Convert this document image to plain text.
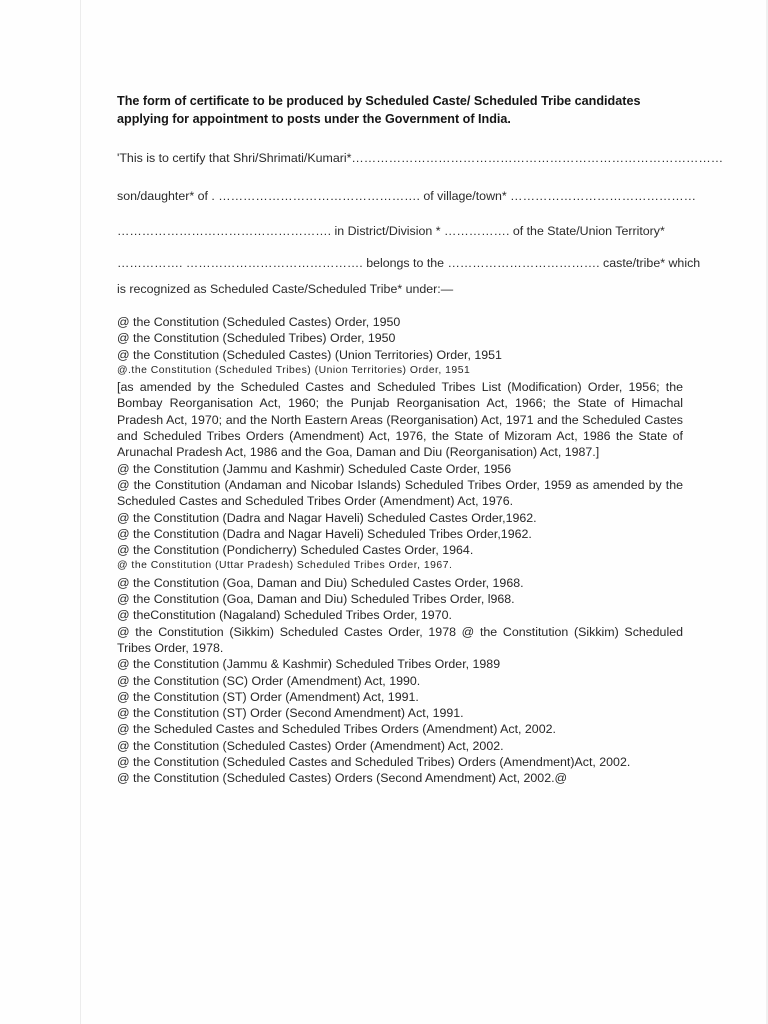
The form of certificate to be produced by Scheduled Caste/ Scheduled Tribe candidates applying for appointment to posts under the Government of India.
'This is to certify that Shri/Shrimati/Kumari*………………………………………………………………………………
son/daughter* of . …………………………………………. of village/town* ………………………………………
……………………………………………. in District/Division * ……………. of the State/Union Territory*
……………. ……………………………………. belongs to the ………………………………. caste/tribe* which
is recognized as Scheduled Caste/Scheduled Tribe* under:—
@ the Constitution (Scheduled Castes) Order, 1950
@ the Constitution (Scheduled Tribes) Order, 1950
@ the Constitution (Scheduled Castes) (Union Territories) Order, 1951
@.the Constitution (Scheduled Tribes) (Union Territories) Order, 1951
[as amended by the Scheduled Castes and Scheduled Tribes List (Modification) Order, 1956; the Bombay Reorganisation Act, 1960; the Punjab Reorganisation Act, 1966; the State of Himachal Pradesh Act, 1970; and the North Eastern Areas (Reorganisation) Act, 1971 and the Scheduled Castes and Scheduled Tribes Orders (Amendment) Act, 1976, the State of Mizoram Act, 1986 the State of Arunachal Pradesh Act, 1986 and the Goa, Daman and Diu (Reorganisation) Act, 1987.]
@ the Constitution (Jammu and Kashmir) Scheduled Caste Order, 1956
@ the Constitution (Andaman and Nicobar Islands) Scheduled Tribes Order, 1959 as amended by the Scheduled Castes and Scheduled Tribes Order (Amendment) Act, 1976.
@ the Constitution (Dadra and Nagar Haveli) Scheduled Castes Order,1962.
@ the Constitution (Dadra and Nagar Haveli) Scheduled Tribes Order,1962.
@ the Constitution (Pondicherry) Scheduled Castes Order, 1964.
@ the Constitution (Uttar Pradesh) Scheduled Tribes Order, 1967.
@ the Constitution (Goa, Daman and Diu) Scheduled Castes Order, 1968.
@ the Constitution (Goa, Daman and Diu) Scheduled Tribes Order, l968.
@ theConstitution (Nagaland) Scheduled Tribes Order, 1970.
@ the Constitution (Sikkim) Scheduled Castes Order, 1978 @ the Constitution (Sikkim) Scheduled Tribes Order, 1978.
@ the Constitution (Jammu & Kashmir) Scheduled Tribes Order, 1989
@ the Constitution (SC) Order (Amendment) Act, 1990.
@ the Constitution (ST) Order (Amendment) Act, 1991.
@ the Constitution (ST) Order (Second Amendment) Act, 1991.
@ the Scheduled Castes and Scheduled Tribes Orders (Amendment) Act, 2002.
@ the Constitution (Scheduled Castes) Order (Amendment) Act, 2002.
@ the Constitution (Scheduled Castes and Scheduled Tribes) Orders (Amendment)Act, 2002.
@ the Constitution (Scheduled Castes) Orders (Second Amendment) Act, 2002.@
